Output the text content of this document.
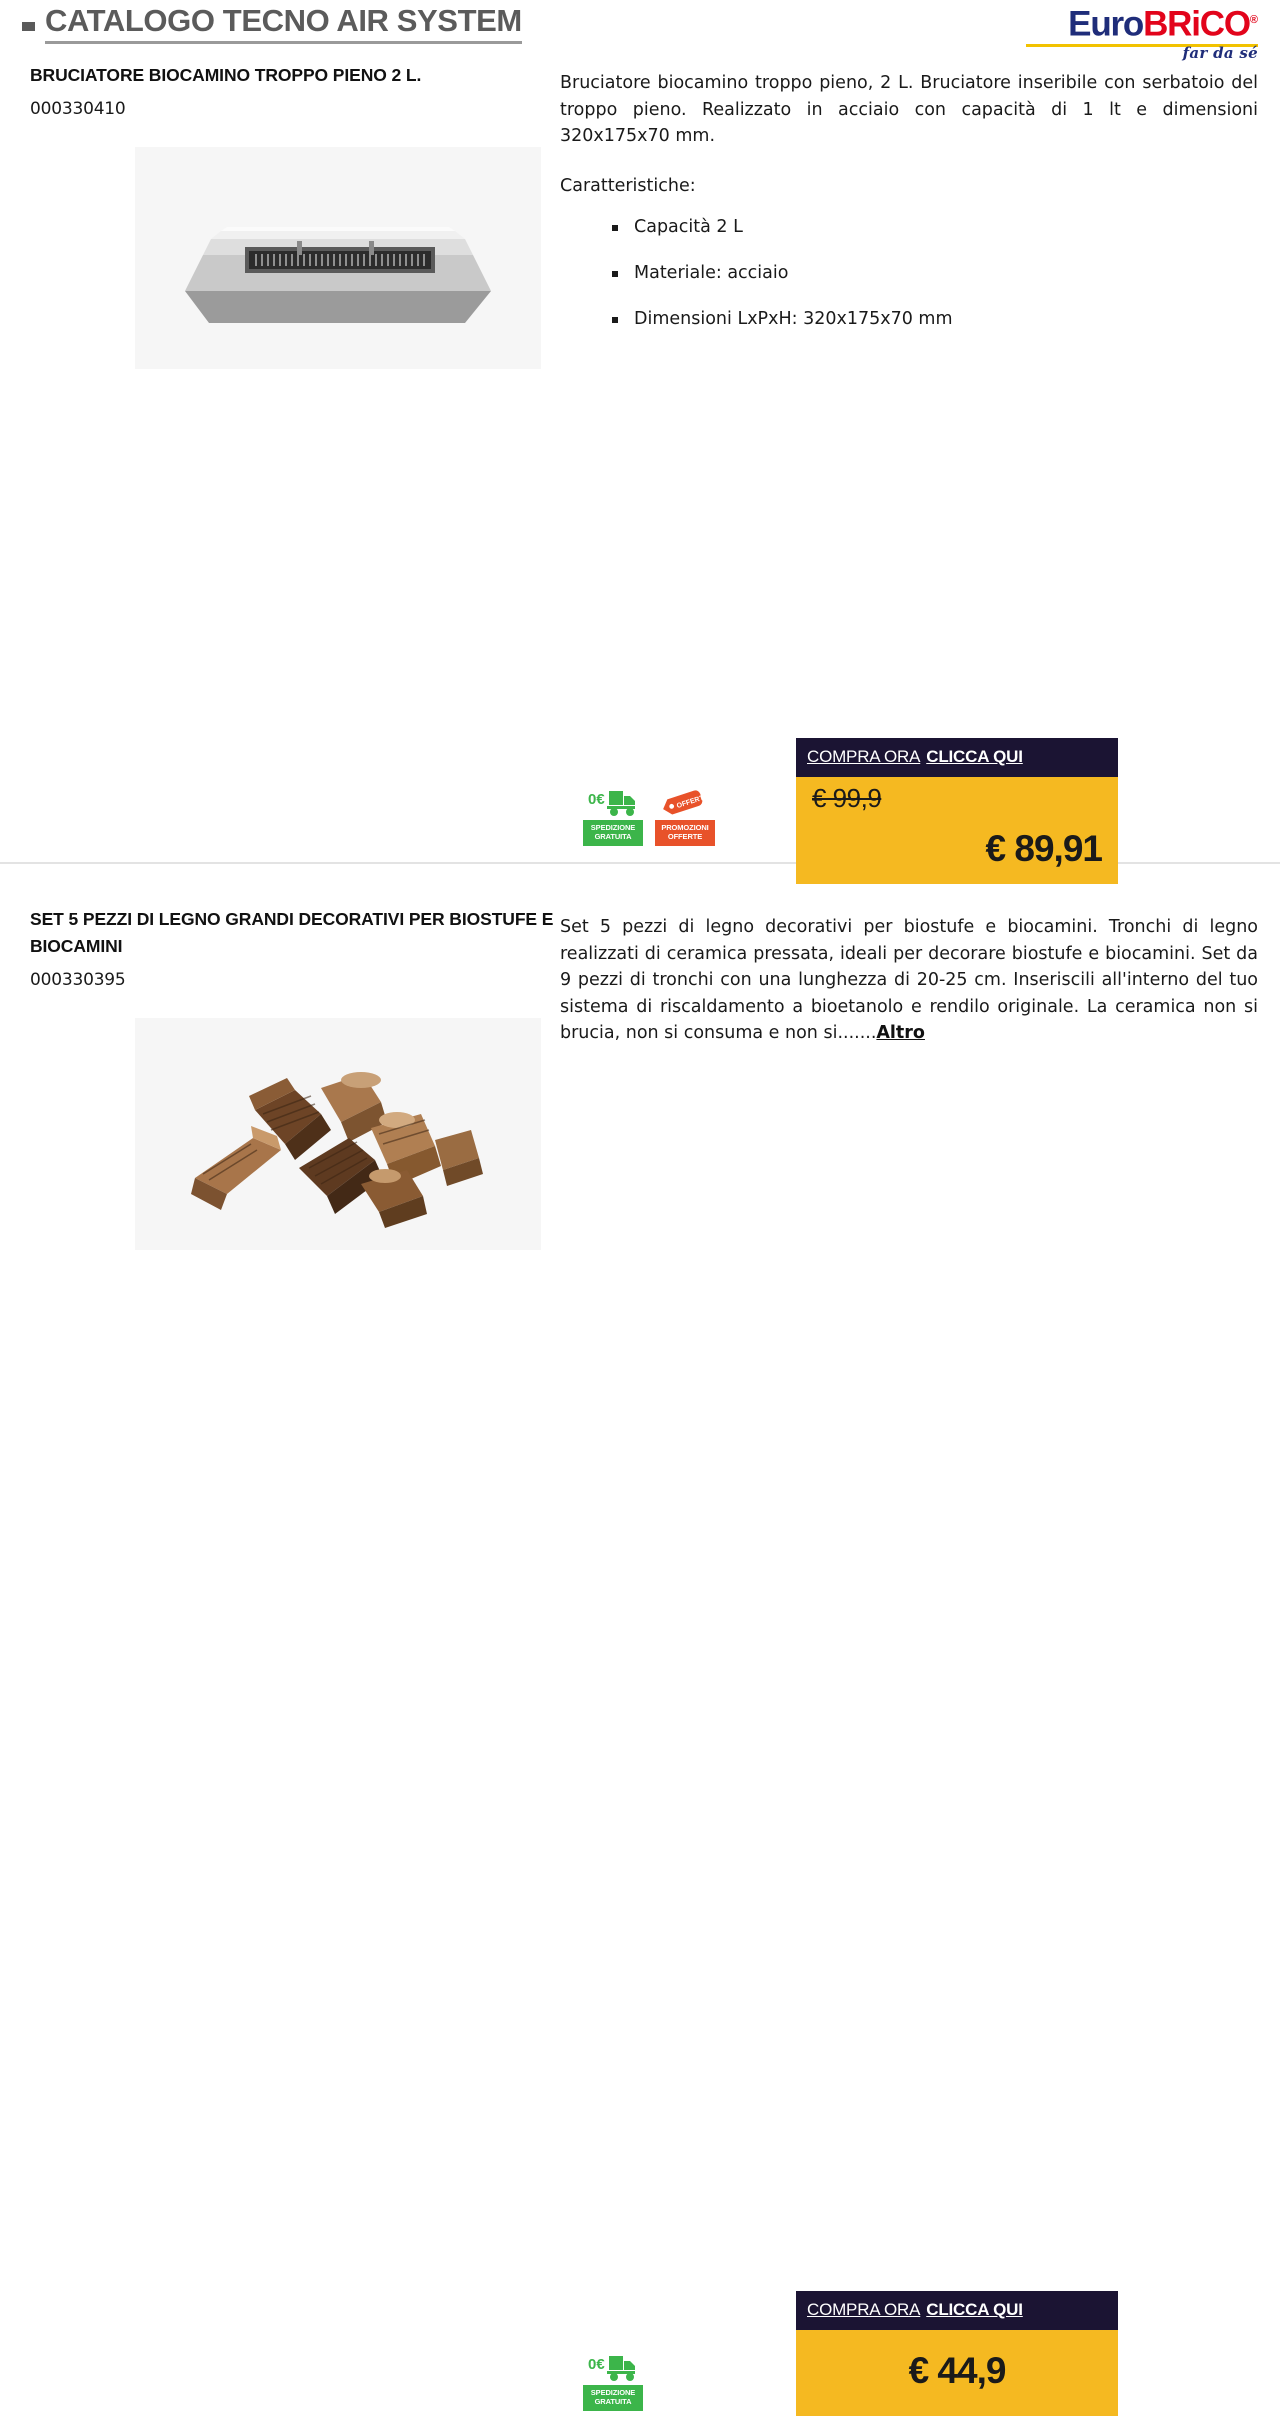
CATALOGO TECNO AIR SYSTEM	EuroBRiCO®
far da sé
BRUCIATORE BIOCAMINO TROPPO PIENO 2 L.
000330410

Bruciatore biocamino troppo pieno, 2 L. Bruciatore inseribile con serbatoio del troppo pieno. Realizzato in acciaio con capacità di 1 lt e dimensioni 320x175x70 mm.

Caratteristiche:
Capacità 2 L
Materiale: acciaio
Dimensioni LxPxH: 320x175x70 mm
0€
SPEDIZIONE
GRATUITA
OFFERTA
PROMOZIONI
OFFERTE
COMPRA ORA CLICCA QUI
€ 99,9
€ 89,91
SET 5 PEZZI DI LEGNO GRANDI DECORATIVI PER BIOSTUFE E BIOCAMINI
000330395

Set 5 pezzi di legno decorativi per biostufe e biocamini. Tronchi di legno realizzati di ceramica pressata, ideali per decorare biostufe e biocamini. Set da 9 pezzi di tronchi con una lunghezza di 20-25 cm. Inseriscili all'interno del tuo sistema di riscaldamento a bioetanolo e rendilo originale. La ceramica non si brucia, non si consuma e non si.......Altro

0€
SPEDIZIONE
GRATUITA
COMPRA ORA CLICCA QUI
€ 44,9
